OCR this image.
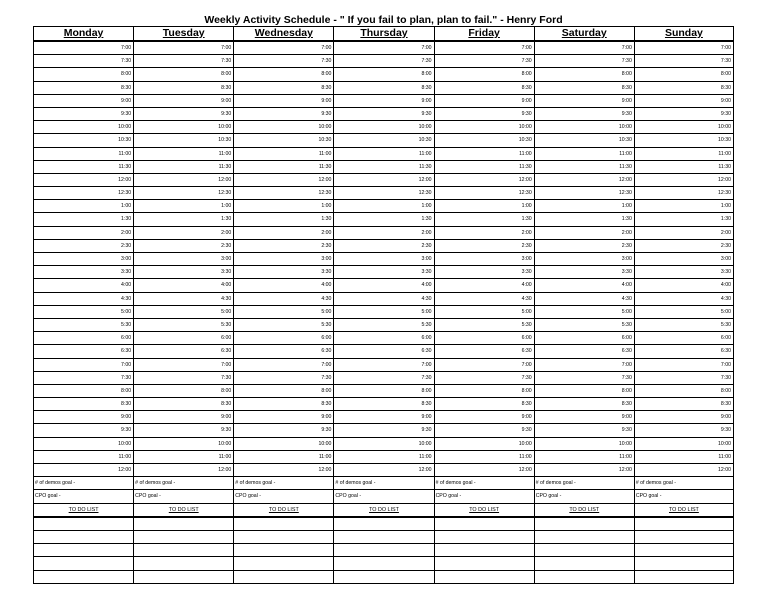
Weekly Activity Schedule - " If you fail to plan, plan to fail." - Henry Ford
Monday
7:00
7:30
8:00
8:30
9:00
9:30
10:00
10:30
11:00
11:30
12:00
12:30
1:00
1:30
2:00
2:30
3:00
3:30
4:00
4:30
5:00
5:30
6:00
6:30
7:00
7:30
8:00
8:30
9:00
9:30
10:00
11:00
12:00
# of demos goal -
CPO goal -
TO DO LIST
Tuesday
7:00
7:30
8:00
8:30
9:00
9:30
10:00
10:30
11:00
11:30
12:00
12:30
1:00
1:30
2:00
2:30
3:00
3:30
4:00
4:30
5:00
5:30
6:00
6:30
7:00
7:30
8:00
8:30
9:00
9:30
10:00
11:00
12:00
# of demos goal -
CPO goal -
TO DO LIST
Wednesday
7:00
7:30
8:00
8:30
9:00
9:30
10:00
10:30
11:00
11:30
12:00
12:30
1:00
1:30
2:00
2:30
3:00
3:30
4:00
4:30
5:00
5:30
6:00
6:30
7:00
7:30
8:00
8:30
9:00
9:30
10:00
11:00
12:00
# of demos goal -
CPO goal -
TO DO LIST
Thursday
7:00
7:30
8:00
8:30
9:00
9:30
10:00
10:30
11:00
11:30
12:00
12:30
1:00
1:30
2:00
2:30
3:00
3:30
4:00
4:30
5:00
5:30
6:00
6:30
7:00
7:30
8:00
8:30
9:00
9:30
10:00
11:00
12:00
# of demos goal -
CPO goal -
TO DO LIST
Friday
7:00
7:30
8:00
8:30
9:00
9:30
10:00
10:30
11:00
11:30
12:00
12:30
1:00
1:30
2:00
2:30
3:00
3:30
4:00
4:30
5:00
5:30
6:00
6:30
7:00
7:30
8:00
8:30
9:00
9:30
10:00
11:00
12:00
# of demos goal -
CPO goal -
TO DO LIST
Saturday
7:00
7:30
8:00
8:30
9:00
9:30
10:00
10:30
11:00
11:30
12:00
12:30
1:00
1:30
2:00
2:30
3:00
3:30
4:00
4:30
5:00
5:30
6:00
6:30
7:00
7:30
8:00
8:30
9:00
9:30
10:00
11:00
12:00
# of demos goal -
CPO goal -
TO DO LIST
Sunday
7:00
7:30
8:00
8:30
9:00
9:30
10:00
10:30
11:00
11:30
12:00
12:30
1:00
1:30
2:00
2:30
3:00
3:30
4:00
4:30
5:00
5:30
6:00
6:30
7:00
7:30
8:00
8:30
9:00
9:30
10:00
11:00
12:00
# of demos goal -
CPO goal -
TO DO LIST
